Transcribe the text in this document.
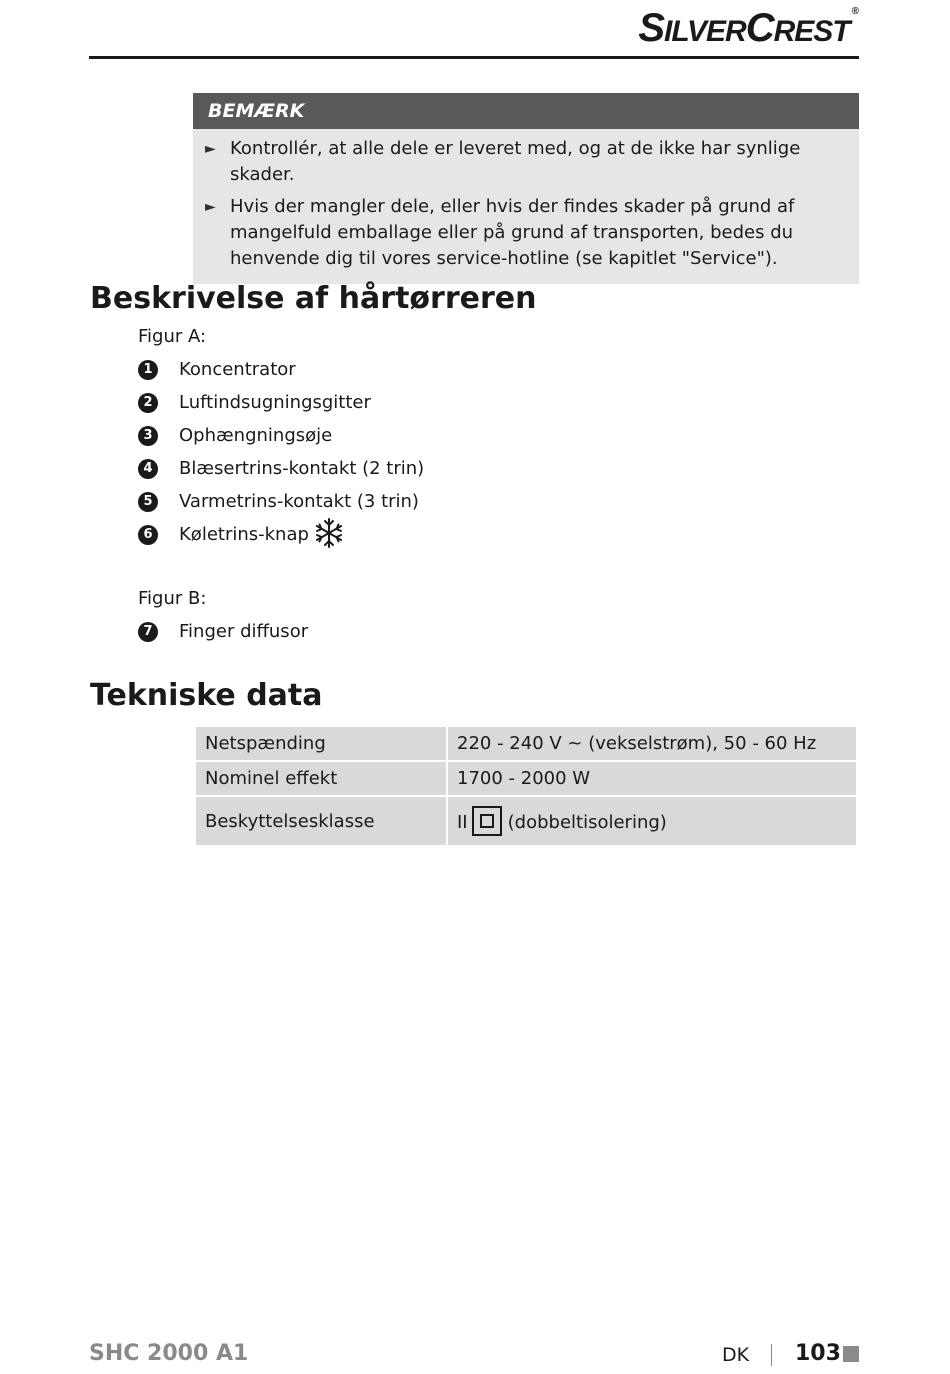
SILVERCREST®
BEMÆRK
► Kontrollér, at alle dele er leveret med, og at de ikke har synlige skader.
► Hvis der mangler dele, eller hvis der findes skader på grund af mangelfuld emballage eller på grund af transporten, bedes du henvende dig til vores service-hotline (se kapitlet "Service").
Beskrivelse af hårtørreren
Figur A:
1	Koncentrator
2	Luftindsugningsgitter
3	Ophængningsøje
4	Blæsertrins-kontakt (2 trin)
5	Varmetrins-kontakt (3 trin)
6	Køletrins-knap
Figur B:
7	Finger diffusor
Tekniske data
Netspænding	220 - 240 V ~ (vekselstrøm), 50 - 60 Hz
Nominel effekt	1700 - 2000 W
Beskyttelsesklasse	II (dobbeltisolering)
SHC 2000 A1	DK 103
